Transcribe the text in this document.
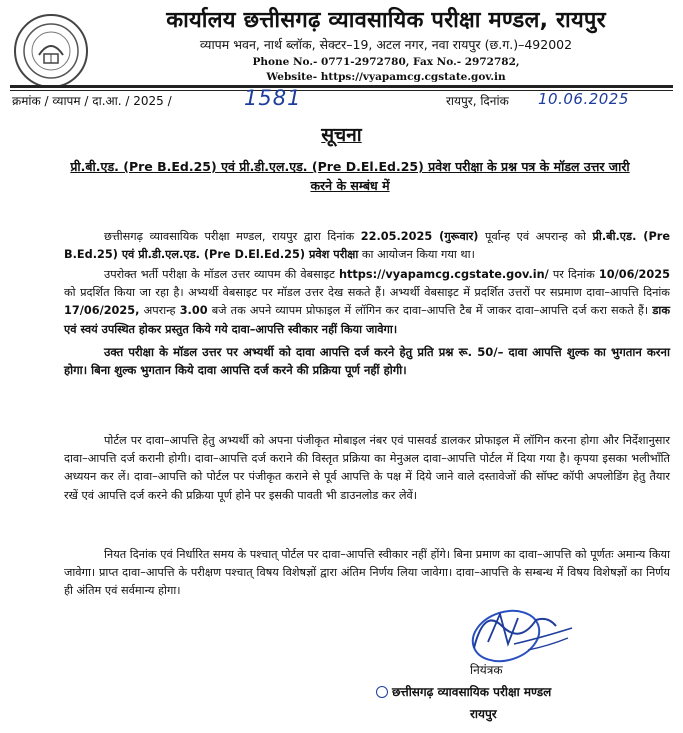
कार्यालय छत्तीसगढ़ व्यावसायिक परीक्षा मण्डल, रायपुर
व्यापम भवन, नार्थ ब्लॉक, सेक्टर–19, अटल नगर, नवा रायपुर (छ.ग.)–492002
Phone No.- 0771-2972780, Fax No.- 2972782,
Website- https://vyapamcg.cgstate.gov.in
क्रमांक / व्यापम / दा.आ. / 2025 /	1581	रायपुर, दिनांक 10.06.2025
सूचना
प्री.बी.एड. (Pre B.Ed.25) एवं प्री.डी.एल.एड. (Pre D.El.Ed.25) प्रवेश परीक्षा के प्रश्न पत्र के मॉडल उत्तर जारी करने के सम्बंध में
छत्तीसगढ़ व्यावसायिक परीक्षा मण्डल, रायपुर द्वारा दिनांक 22.05.2025 (गुरूवार) पूर्वान्ह एवं अपरान्ह को प्री.बी.एड. (Pre B.Ed.25) एवं प्री.डी.एल.एड. (Pre D.El.Ed.25) प्रवेश परीक्षा का आयोजन किया गया था।
उपरोक्त भर्ती परीक्षा के मॉडल उत्तर व्यापम की वेबसाइट https://vyapamcg.cgstate.gov.in/ पर दिनांक 10/06/2025 को प्रदर्शित किया जा रहा है। अभ्यर्थी वेबसाइट पर मॉडल उत्तर देख सकते हैं। अभ्यर्थी वेबसाइट में प्रदर्शित उत्तरों पर सप्रमाण दावा–आपत्ति दिनांक 17/06/2025, अपरान्ह 3.00 बजे तक अपने व्यापम प्रोफाइल में लॉगिन कर दावा–आपत्ति टैब में जाकर दावा–आपत्ति दर्ज करा सकते हैं। डाक एवं स्वयं उपस्थित होकर प्रस्तुत किये गये दावा–आपत्ति स्वीकार नहीं किया जावेगा।
उक्त परीक्षा के मॉडल उत्तर पर अभ्यर्थी को दावा आपत्ति दर्ज करने हेतु प्रति प्रश्न रू. 50/– दावा आपत्ति शुल्क का भुगतान करना होगा। बिना शुल्क भुगतान किये दावा आपत्ति दर्ज करने की प्रक्रिया पूर्ण नहीं होगी।
पोर्टल पर दावा–आपत्ति हेतु अभ्यर्थी को अपना पंजीकृत मोबाइल नंबर एवं पासवर्ड डालकर प्रोफाइल में लॉगिन करना होगा और निर्देशानुसार दावा–आपत्ति दर्ज करानी होगी। दावा–आपत्ति दर्ज कराने की विस्तृत प्रक्रिया का मेनुअल दावा–आपत्ति पोर्टल में दिया गया है। कृपया इसका भलीभाँति अध्ययन कर लें। दावा–आपत्ति को पोर्टल पर पंजीकृत कराने से पूर्व आपत्ति के पक्ष में दिये जाने वाले दस्तावेजों की सॉफ्ट कॉपी अपलोडिंग हेतु तैयार रखें एवं आपत्ति दर्ज करने की प्रक्रिया पूर्ण होने पर इसकी पावती भी डाउनलोड कर लेवें।
नियत दिनांक एवं निर्धारित समय के पश्चात् पोर्टल पर दावा–आपत्ति स्वीकार नहीं होंगे। बिना प्रमाण का दावा–आपत्ति को पूर्णतः अमान्य किया जावेगा। प्राप्त दावा–आपत्ति के परीक्षण पश्चात् विषय विशेषज्ञों द्वारा अंतिम निर्णय लिया जावेगा। दावा–आपत्ति के सम्बन्ध में विषय विशेषज्ञों का निर्णय ही अंतिम एवं सर्वमान्य होगा।
नियंत्रक
छत्तीसगढ़ व्यावसायिक परीक्षा मण्डल
रायपुर
